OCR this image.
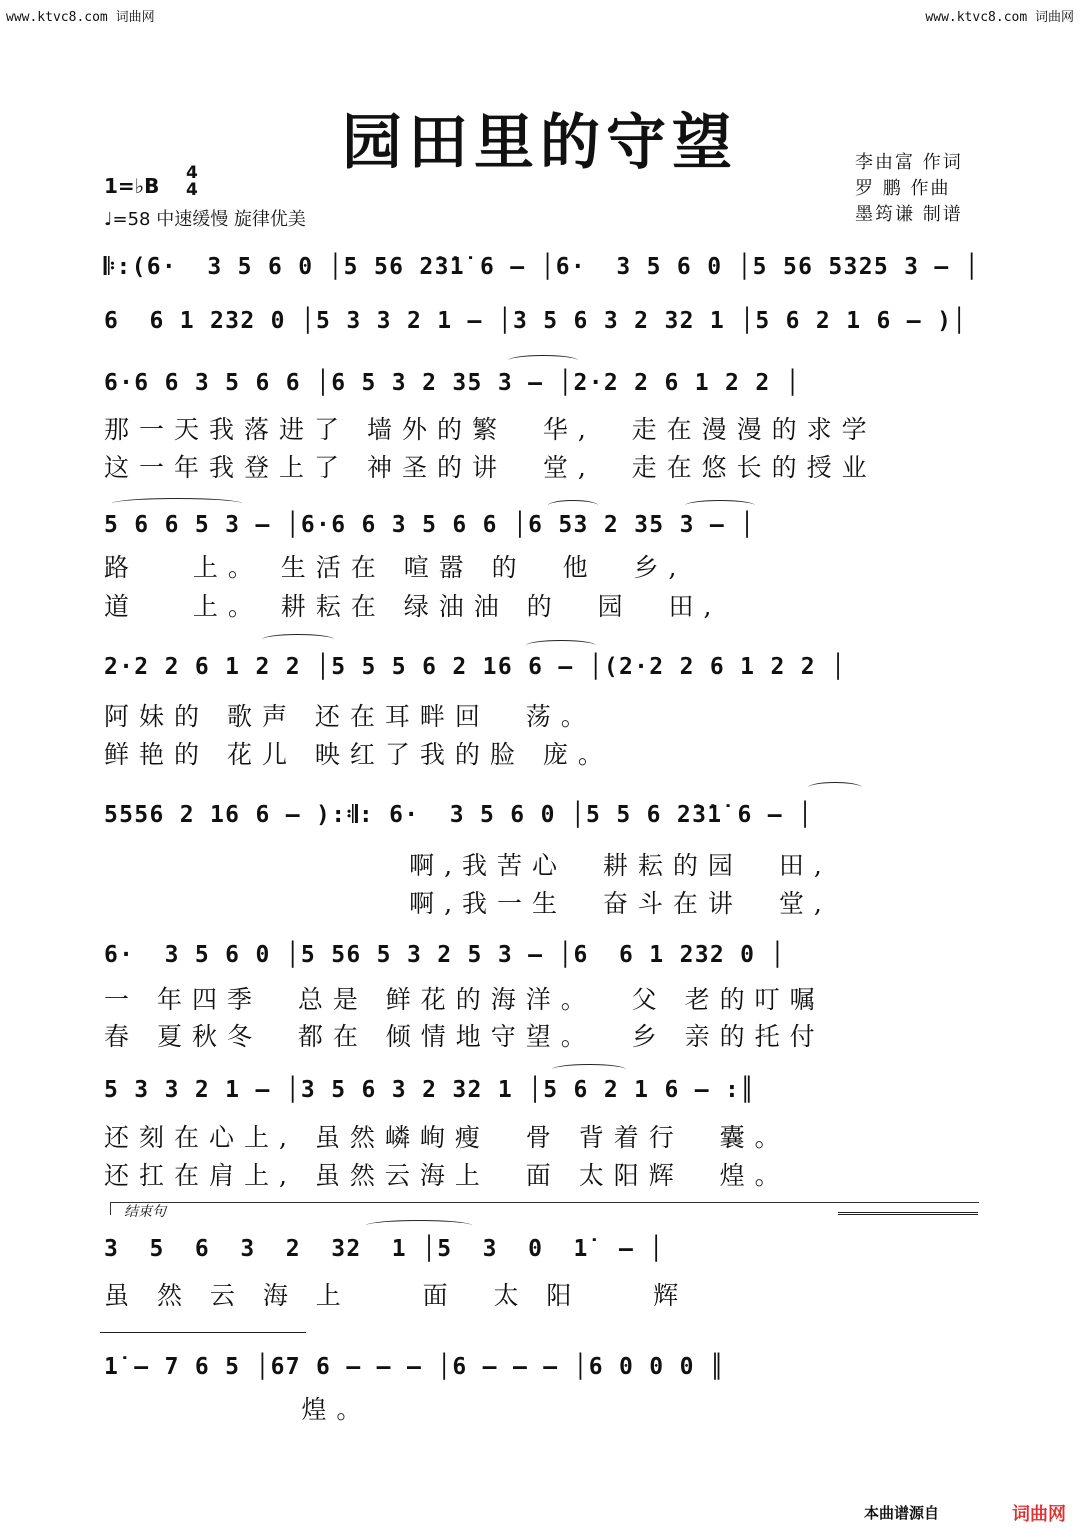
www.ktvc8.com 词曲网	www.ktvc8.com 词曲网
园田里的守望	李由富 作词
罗 鹏 作曲
墨筠谦 制谱
1=♭B
4
4
♩=58 中速缓慢 旋律优美
𝄆:(6·  3 5 6 0 │5 56 2̇3̇1̇ 6 – │6·  3 5 6 0 │5 56 5325 3 – │
6  6 1 232 0 │5 3 3 2 1 – │3 5 6 3 2 32 1 │5 6 2 1 6 – )│
6·6 6 3 5 6 6 │6 5 3 2 35 3 – │2·2 2 6 1 2 2 │
那一天我落进了 墙外的繁  华,  走在漫漫的求学
这一年我登上了 神圣的讲  堂,  走在悠长的授业
5 6 6 5 3 – │6·6 6 3 5 6 6 │6 53 2 35 3 – │
路   上。 生活在 喧嚣 的  他  乡,
道   上。 耕耘在 绿油油 的  园  田,
2·2 2 6 1 2 2 │5 5 5 6 2 16 6 – │(2·2 2 6 1 2 2 │
阿妹的 歌声 还在耳畔回  荡。
鲜艳的 花儿 映红了我的脸 庞。
5556 2 16 6 – ):𝄇: 6·  3 5 6 0 │5 5 6 2̇3̇1̇ 6 – │
啊,我苦心  耕耘的园  田,
啊,我一生  奋斗在讲  堂,
6·  3 5 6 0 │5 56 5 3 2 5 3 – │6  6 1 232 0 │
一 年四季  总是 鲜花的海洋。  父 老的叮嘱
春 夏秋冬  都在 倾情地守望。  乡 亲的托付
5 3 3 2 1 – │3 5 6 3 2 32 1 │5 6 2 1 6 – :║
还刻在心上, 虽然嶙峋瘦  骨 背着行  囊。
还扛在肩上, 虽然云海上  面 太阳辉  煌。
结束句
3  5  6  3  2  32  1 │5  3  0  1̇  – │
虽 然 云 海 上    面  太 阳    辉
1̇ – 7 6 5 │67 6 – – – │6 – – – │6 0 0 0 ║
煌。
本曲谱源自	词曲网
